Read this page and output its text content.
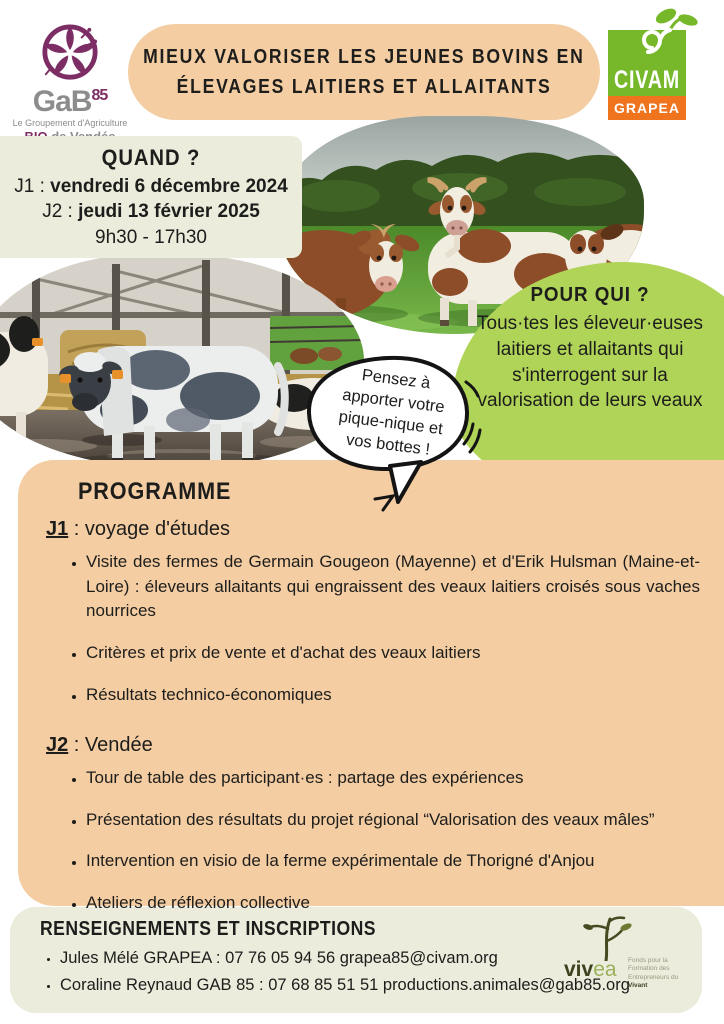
GaB$^{85}$
Le Groupement d'Agriculture
MIEUX VALORISER LES JEUNES BOVINS EN
ÉLEVAGES LAITIERS ET ALLAITANTS	CIVAM
GRAPEA
QUAND ?
J1 : vendredi 6 décembre 2024
J2 : jeudi 13 février 2025
9h30 - 17h30
POUR QUI ?
Tous·tes les éleveur·euses laitiers et allaitants qui s'interrogent sur la valorisation de leurs veaux
Pensez à
apporter votre
pique-nique et
vos bottes !
PROGRAMME
J1 : voyage d'études
• Visite des fermes de Germain Gougeon (Mayenne) et d'Erik Hulsman (Maine-et-Loire) : éleveurs allaitants qui engraissent des veaux laitiers croisés sous vaches nourrices
• Critères et prix de vente et d'achat des veaux laitiers
• Résultats technico-économiques
J2 : Vendée
• Tour de table des participant·es : partage des expériences
• Présentation des résultats du projet régional “Valorisation des veaux mâles”
• Intervention en visio de la ferme expérimentale de Thorigné d'Anjou
• Ateliers de réflexion collective
RENSEIGNEMENTS ET INSCRIPTIONS
• Jules Mélé GRAPEA : 07 76 05 94 56 grapea85@civam.org
• Coraline Reynaud GAB 85 : 07 68 85 51 51 productions.animales@gab85.org
vivea Fonds pour la Formation des Entrepreneurs du Vivant
